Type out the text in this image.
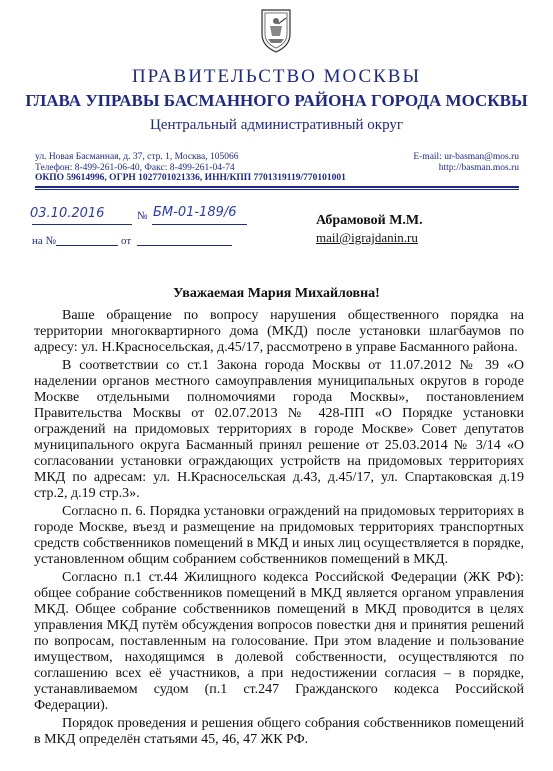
ПРАВИТЕЛЬСТВО МОСКВЫ
ГЛАВА УПРАВЫ БАСМАННОГО РАЙОНА ГОРОДА МОСКВЫ
Центральный административный округ
ул. Новая Басманная, д. 37, стр. 1, Москва, 105066
Телефон: 8-499-261-06-40, Факс: 8-499-261-04-74
ОКПО 59614996, ОГРН 1027701021336, ИНН/КПП 7701319119/770101001
E-mail: ur-basman@mos.ru
http://basman.mos.ru
03.10.2016	№ БМ-01-189/6
на №	от
Абрамовой М.М.
mail@igrajdanin.ru
Уважаемая Мария Михайловна!

Ваше обращение по вопросу нарушения общественного порядка на территории многоквартирного дома (МКД) после установки шлагбаумов по адресу: ул. Н.Красносельская, д.45/17, рассмотрено в управе Басманного района.

В соответствии со ст.1 Закона города Москвы от 11.07.2012 № 39 «О наделении органов местного самоуправления муниципальных округов в городе Москве отдельными полномочиями города Москвы», постановлением Правительства Москвы от 02.07.2013 № 428-ПП «О Порядке установки ограждений на придомовых территориях в городе Москве» Совет депутатов муниципального округа Басманный принял решение от 25.03.2014 № 3/14 «О согласовании установки ограждающих устройств на придомовых территориях МКД по адресам: ул. Н.Красносельская д.43, д.45/17, ул. Спартаковская д.19 стр.2, д.19 стр.3».

Согласно п. 6. Порядка установки ограждений на придомовых территориях в городе Москве, въезд и размещение на придомовых территориях транспортных средств собственников помещений в МКД и иных лиц осуществляется в порядке, установленном общим собранием собственников помещений в МКД.

Согласно п.1 ст.44 Жилищного кодекса Российской Федерации (ЖК РФ): общее собрание собственников помещений в МКД является органом управления МКД. Общее собрание собственников помещений в МКД проводится в целях управления МКД путём обсуждения вопросов повестки дня и принятия решений по вопросам, поставленным на голосование. При этом владение и пользование имуществом, находящимся в долевой собственности, осуществляются по соглашению всех её участников, а при недостижении согласия – в порядке, устанавливаемом судом (п.1 ст.247 Гражданского кодекса Российской Федерации).

Порядок проведения и решения общего собрания собственников помещений в МКД определён статьями 45, 46, 47 ЖК РФ.
